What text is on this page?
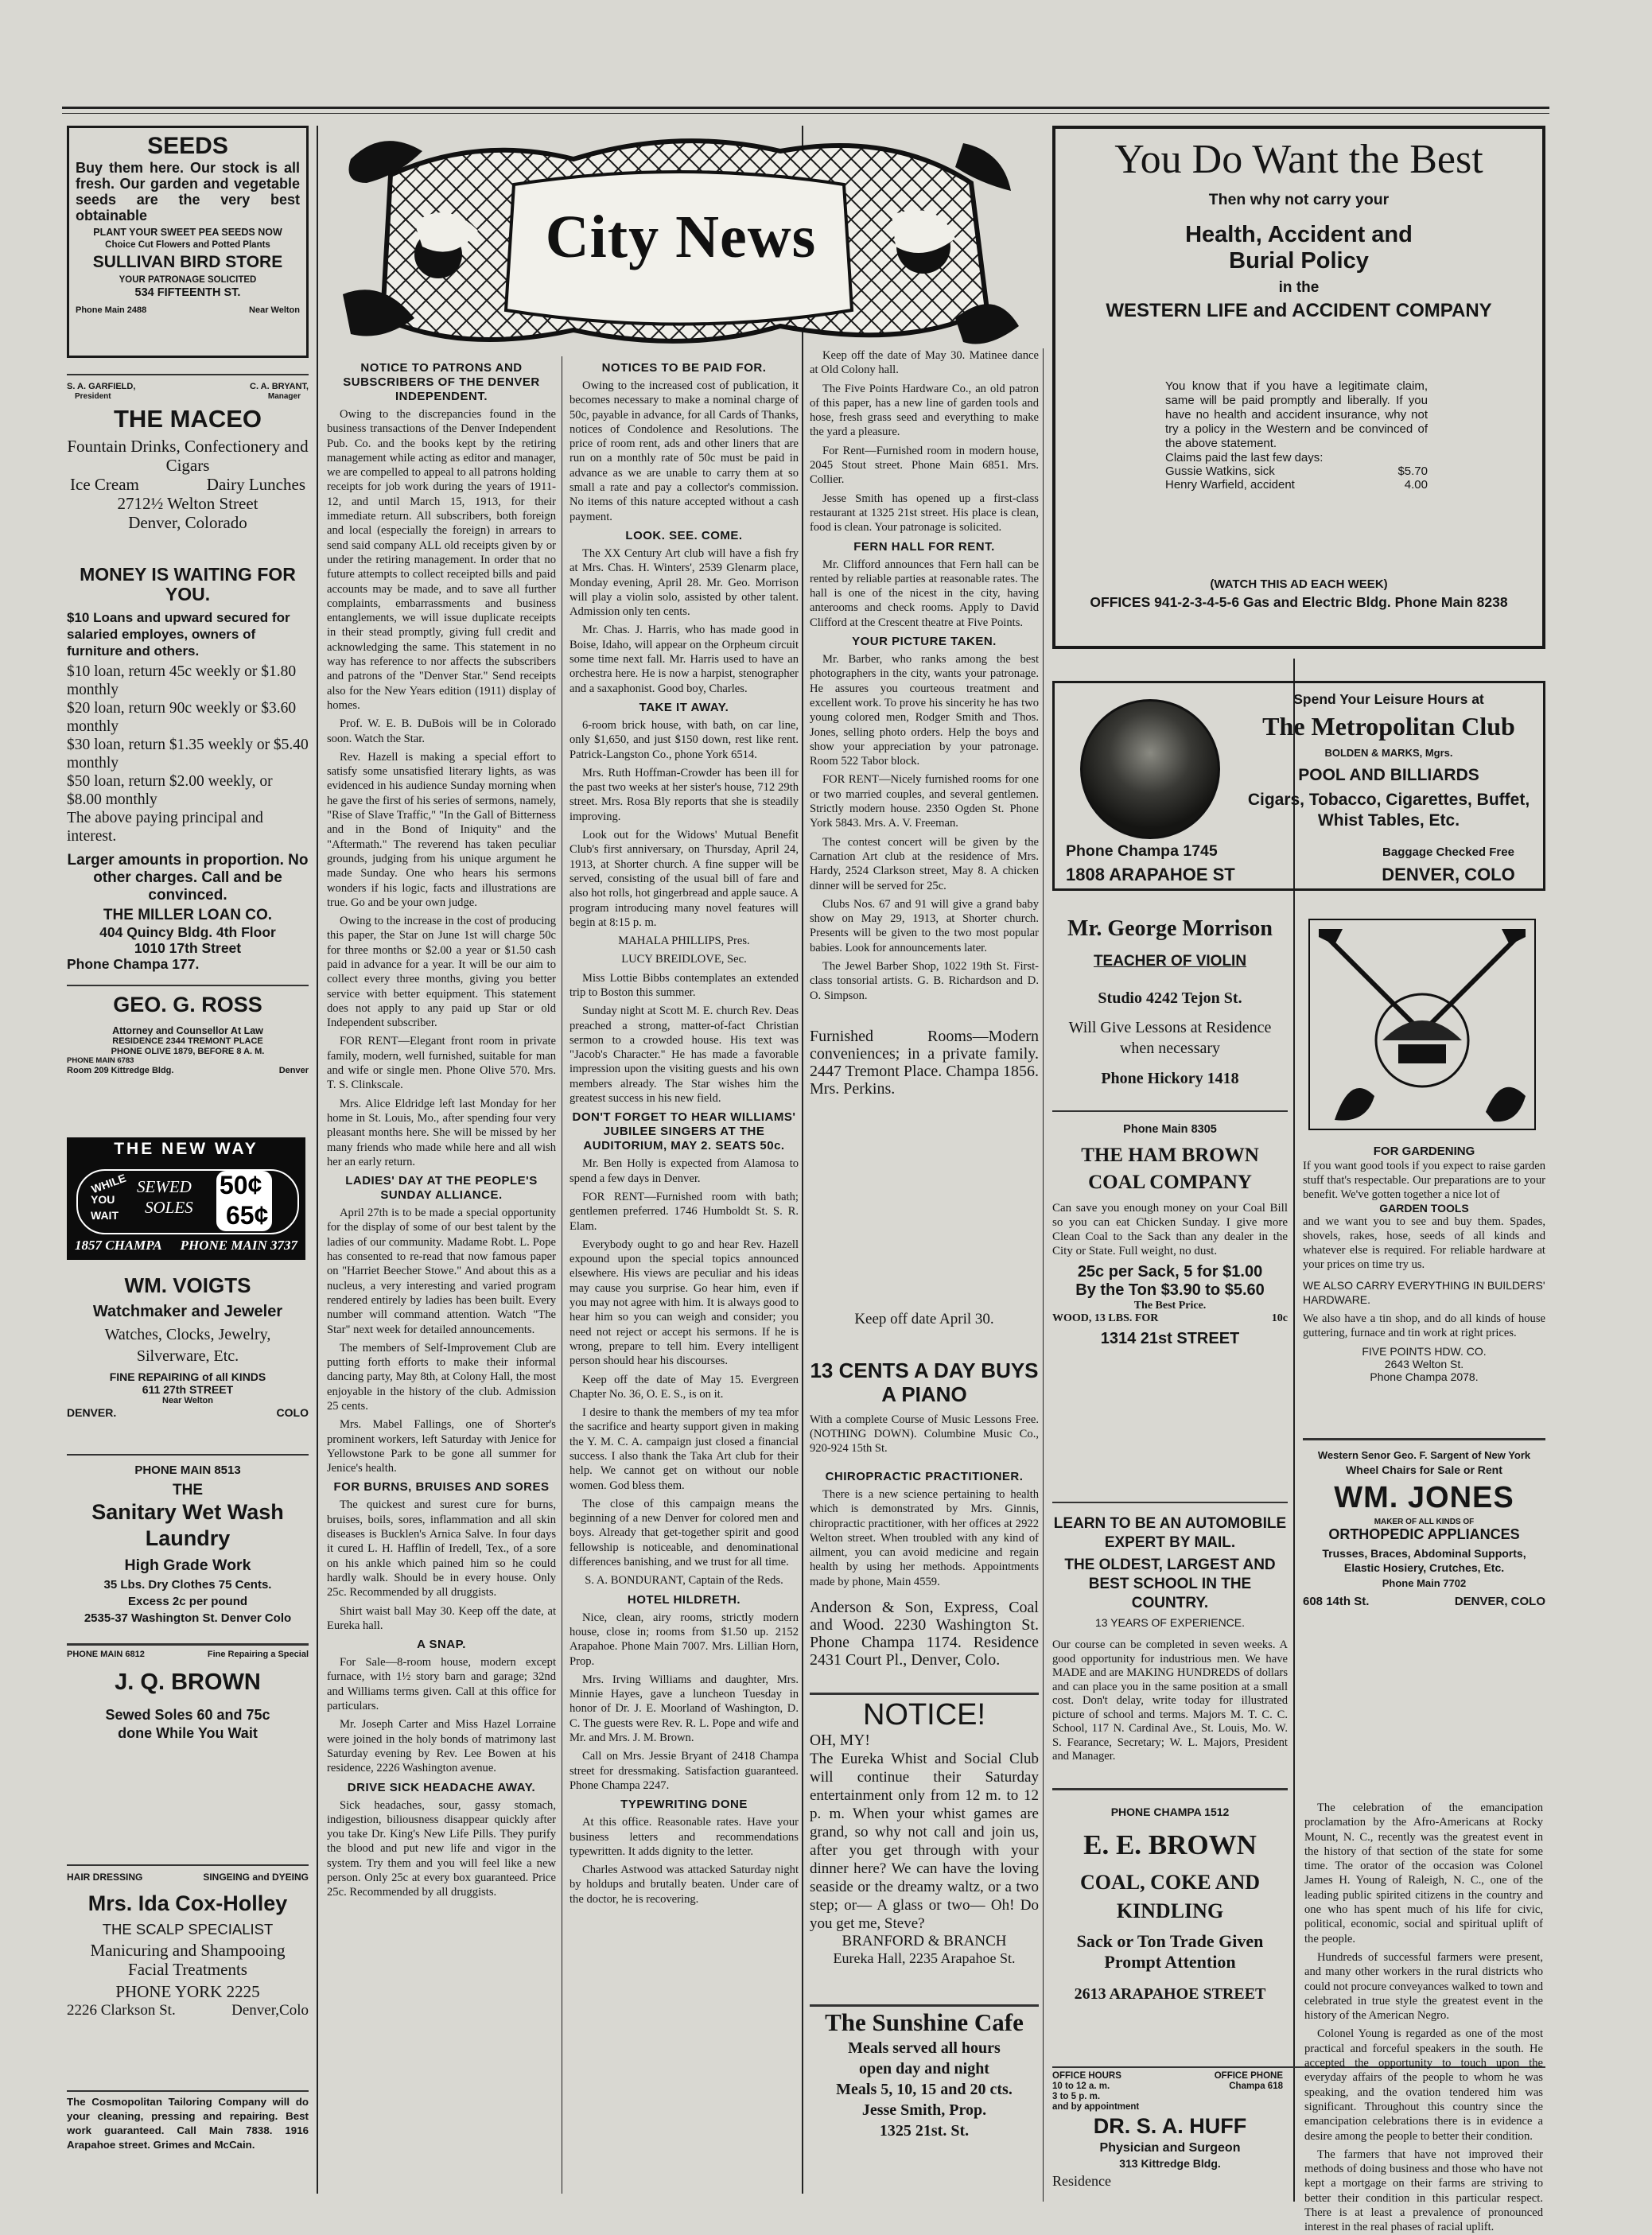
SEEDS
Buy them here. Our stock is all fresh. Our garden and vegetable seeds are the very best obtainable
PLANT YOUR SWEET PEA SEEDS NOW
Choice Cut Flowers and Potted Plants
SULLIVAN BIRD STORE
YOUR PATRONAGE SOLICITED
534 FIFTEENTH ST.
Phone Main 2488	Near Welton
S. A. GARFIELD,	C. A. BRYANT,
President	Manager
THE MACEO
Fountain Drinks, Confectionery and Cigars
Ice Cream	Dairy Lunches
2712½ Welton Street
Denver, Colorado
MONEY IS WAITING FOR YOU.
$10 Loans and upward secured for salaried employes, owners of furniture and others.
$10 loan, return 45c weekly or $1.80 monthly
$20 loan, return 90c weekly or $3.60 monthly
$30 loan, return $1.35 weekly or $5.40 monthly
$50 loan, return $2.00 weekly, or $8.00 monthly
The above paying principal and interest.
Larger amounts in proportion. No other charges. Call and be convinced.
THE MILLER LOAN CO.
404 Quincy Bldg. 4th Floor
1010 17th Street
Phone Champa 177.
GEO. G. ROSS
Attorney and Counsellor At Law
RESIDENCE 2344 TREMONT PLACE
PHONE OLIVE 1879, BEFORE 8 A. M.
PHONE MAIN 6783
Room 209 Kittredge Bldg.	Denver
THE NEW WAY
WHILE
YOU
WAIT
SEWED
SOLES
50¢
65¢
1857 CHAMPA PHONE MAIN 3737
WM. VOIGTS
Watchmaker and Jeweler
Watches, Clocks, Jewelry,
Silverware, Etc.
FINE REPAIRING of all KINDS
611 27th STREET
Near Welton
DENVER.	COLO
PHONE MAIN 8513
THE
Sanitary Wet Wash Laundry
High Grade Work
35 Lbs. Dry Clothes 75 Cents.
Excess 2c per pound
2535-37 Washington St. Denver Colo
PHONE MAIN 6812	Fine Repairing a Special
J. Q. BROWN
Sewed Soles 60 and 75c
done While You Wait
HAIR DRESSING	SINGEING and DYEING
Mrs. Ida Cox-Holley
THE SCALP SPECIALIST
Manicuring and Shampooing
Facial Treatments
PHONE YORK 2225
2226 Clarkson St.	Denver,Colo
The Cosmopolitan Tailoring Company will do your cleaning, pressing and repairing. Best work guaranteed. Call Main 7838. 1916 Arapahoe street. Grimes and McCain.
City News
NOTICE TO PATRONS AND SUBSCRIBERS OF THE DENVER INDEPENDENT.

Owing to the discrepancies found in the business transactions of the Denver Independent Pub. Co. and the books kept by the retiring management while acting as editor and manager, we are compelled to appeal to all patrons holding receipts for job work during the years of 1911-12, and until March 15, 1913, for their immediate return. All subscribers, both foreign and local (especially the foreign) in arrears to send said company ALL old receipts given by or under the retiring management. In order that no future attempts to collect receipted bills and paid accounts may be made, and to save all further complaints, embarrassments and business entanglements, we will issue duplicate receipts in their stead promptly, giving full credit and acknowledging the same. This statement in no way has reference to nor affects the subscribers and patrons of the "Denver Star." Send receipts also for the New Years edition (1911) display of homes.

Prof. W. E. B. DuBois will be in Colorado soon. Watch the Star.

Rev. Hazell is making a special effort to satisfy some unsatisfied literary lights, as was evidenced in his audience Sunday morning when he gave the first of his series of sermons, namely, "Rise of Slave Traffic," "In the Gall of Bitterness and in the Bond of Iniquity" and the "Aftermath." The reverend has taken peculiar grounds, judging from his unique argument he made Sunday. One who hears his sermons wonders if his logic, facts and illustrations are true. Go and be your own judge.

Owing to the increase in the cost of producing this paper, the Star on June 1st will charge 50c for three months or $2.00 a year or $1.50 cash paid in advance for a year. It will be our aim to collect every three months, giving you better service with better equipment. This statement does not apply to any paid up Star or old Independent subscriber.

FOR RENT—Elegant front room in private family, modern, well furnished, suitable for man and wife or single men. Phone Olive 570. Mrs. T. S. Clinkscale.

Mrs. Alice Eldridge left last Monday for her home in St. Louis, Mo., after spending four very pleasant months here. She will be missed by her many friends who made while here and all wish her an early return.

LADIES' DAY AT THE PEOPLE'S SUNDAY ALLIANCE.

April 27th is to be made a special opportunity for the display of some of our best talent by the ladies of our community. Madame Robt. L. Pope has consented to re-read that now famous paper on "Harriet Beecher Stowe." And about this as a nucleus, a very interesting and varied program rendered entirely by ladies has been built. Every number will command attention. Watch "The Star" next week for detailed announcements.

The members of Self-Improvement Club are putting forth efforts to make their informal dancing party, May 8th, at Colony Hall, the most enjoyable in the history of the club. Admission 25 cents.

Mrs. Mabel Fallings, one of Shorter's prominent workers, left Saturday with Jenice for Yellowstone Park to be gone all summer for Jenice's health.

FOR BURNS, BRUISES AND SORES

The quickest and surest cure for burns, bruises, boils, sores, inflammation and all skin diseases is Bucklen's Arnica Salve. In four days it cured L. H. Hafflin of Iredell, Tex., of a sore on his ankle which pained him so he could hardly walk. Should be in every house. Only 25c. Recommended by all druggists.

Shirt waist ball May 30. Keep off the date, at Eureka hall.

A SNAP.

For Sale—8-room house, modern except furnace, with 1½ story barn and garage; 32nd and Williams terms given. Call at this office for particulars.

Mr. Joseph Carter and Miss Hazel Lorraine were joined in the holy bonds of matrimony last Saturday evening by Rev. Lee Bowen at his residence, 2226 Washington avenue.

DRIVE SICK HEADACHE AWAY.

Sick headaches, sour, gassy stomach, indigestion, biliousness disappear quickly after you take Dr. King's New Life Pills. They purify the blood and put new life and vigor in the system. Try them and you will feel like a new person. Only 25c at every box guaranteed. Price 25c. Recommended by all druggists.

NOTICES TO BE PAID FOR.

Owing to the increased cost of publication, it becomes necessary to make a nominal charge of 50c, payable in advance, for all Cards of Thanks, notices of Condolence and Resolutions. The price of room rent, ads and other liners that are run on a monthly rate of 50c must be paid in advance as we are unable to carry them at so small a rate and pay a collector's commission. No items of this nature accepted without a cash payment.

LOOK. SEE. COME.

The XX Century Art club will have a fish fry at Mrs. Chas. H. Winters', 2539 Glenarm place, Monday evening, April 28. Mr. Geo. Morrison will play a violin solo, assisted by other talent. Admission only ten cents.

Mr. Chas. J. Harris, who has made good in Boise, Idaho, will appear on the Orpheum circuit some time next fall. Mr. Harris used to have an orchestra here. He is now a harpist, stenographer and a saxaphonist. Good boy, Charles.

TAKE IT AWAY.

6-room brick house, with bath, on car line, only $1,650, and just $150 down, rest like rent. Patrick-Langston Co., phone York 6514.

Mrs. Ruth Hoffman-Crowder has been ill for the past two weeks at her sister's house, 712 29th street. Mrs. Rosa Bly reports that she is steadily improving.

Look out for the Widows' Mutual Benefit Club's first anniversary, on Thursday, April 24, 1913, at Shorter church. A fine supper will be served, consisting of the usual bill of fare and also hot rolls, hot gingerbread and apple sauce. A program introducing many novel features will begin at 8:15 p. m.

MAHALA PHILLIPS, Pres.

LUCY BREIDLOVE, Sec.

Miss Lottie Bibbs contemplates an extended trip to Boston this summer.

Sunday night at Scott M. E. church Rev. Deas preached a strong, matter-of-fact Christian sermon to a crowded house. His text was "Jacob's Character." He has made a favorable impression upon the visiting guests and his own members already. The Star wishes him the greatest success in his new field.

DON'T FORGET TO HEAR WILLIAMS' JUBILEE SINGERS AT THE AUDITORIUM, MAY 2. SEATS 50c.

Mr. Ben Holly is expected from Alamosa to spend a few days in Denver.

FOR RENT—Furnished room with bath; gentlemen preferred. 1746 Humboldt St. S. R. Elam.

Everybody ought to go and hear Rev. Hazell expound upon the special topics announced elsewhere. His views are peculiar and his ideas may cause you surprise. Go hear him, even if you may not agree with him. It is always good to hear him so you can weigh and consider; you need not reject or accept his sermons. If he is wrong, prepare to tell him. Every intelligent person should hear his discourses.

Keep off the date of May 15. Evergreen Chapter No. 36, O. E. S., is on it.

I desire to thank the members of my tea mfor the sacrifice and hearty support given in making the Y. M. C. A. campaign just closed a financial success. I also thank the Taka Art club for their help. We cannot get on without our noble women. God bless them.

The close of this campaign means the beginning of a new Denver for colored men and boys. Already that get-together spirit and good fellowship is noticeable, and denominational differences banishing, and we trust for all time.

S. A. BONDURANT, Captain of the Reds.

HOTEL HILDRETH.

Nice, clean, airy rooms, strictly modern house, close in; rooms from $1.50 up. 2152 Arapahoe. Phone Main 7007. Mrs. Lillian Horn, Prop.

Mrs. Irving Williams and daughter, Mrs. Minnie Hayes, gave a luncheon Tuesday in honor of Dr. J. E. Moorland of Washington, D. C. The guests were Rev. R. L. Pope and wife and Mr. and Mrs. J. M. Brown.

Call on Mrs. Jessie Bryant of 2418 Champa street for dressmaking. Satisfaction guaranteed. Phone Champa 2247.

TYPEWRITING DONE

At this office. Reasonable rates. Have your business letters and recommendations typewritten. It adds dignity to the letter.

Charles Astwood was attacked Saturday night by holdups and brutally beaten. Under care of the doctor, he is recovering.

Keep off the date of May 30. Matinee dance at Old Colony hall.

The Five Points Hardware Co., an old patron of this paper, has a new line of garden tools and hose, fresh grass seed and everything to make the yard a pleasure.

For Rent—Furnished room in modern house, 2045 Stout street. Phone Main 6851. Mrs. Collier.

Jesse Smith has opened up a first-class restaurant at 1325 21st street. His place is clean, food is clean. Your patronage is solicited.

FERN HALL FOR RENT.

Mr. Clifford announces that Fern hall can be rented by reliable parties at reasonable rates. The hall is one of the nicest in the city, having anterooms and check rooms. Apply to David Clifford at the Crescent theatre at Five Points.

YOUR PICTURE TAKEN.

Mr. Barber, who ranks among the best photographers in the city, wants your patronage. He assures you courteous treatment and excellent work. To prove his sincerity he has two young colored men, Rodger Smith and Thos. Jones, selling photo orders. Help the boys and show your appreciation by your patronage. Room 522 Tabor block.

FOR RENT—Nicely furnished rooms for one or two married couples, and several gentlemen. Strictly modern house. 2350 Ogden St. Phone York 5843. Mrs. A. V. Freeman.

The contest concert will be given by the Carnation Art club at the residence of Mrs. Hardy, 2524 Clarkson street, May 8. A chicken dinner will be served for 25c.

Clubs Nos. 67 and 91 will give a grand baby show on May 29, 1913, at Shorter church. Presents will be given to the two most popular babies. Look for announcements later.

The Jewel Barber Shop, 1022 19th St. First-class tonsorial artists. G. B. Richardson and D. O. Simpson.

Furnished Rooms—Modern conveniences; in a private family. 2447 Tremont Place. Champa 1856. Mrs. Perkins.
Keep off date April 30.
13 CENTS A DAY BUYS A PIANO
With a complete Course of Music Lessons Free. (NOTHING DOWN). Columbine Music Co., 920-924 15th St.
CHIROPRACTIC PRACTITIONER.

There is a new science pertaining to health which is demonstrated by Mrs. Ginnis, chiropractic practitioner, with her offices at 2922 Welton street. When troubled with any kind of ailment, you can avoid medicine and regain health by using her methods. Appointments made by phone, Main 4559.

Anderson & Son, Express, Coal and Wood. 2230 Washington St. Phone Champa 1174. Residence 2431 Court Pl., Denver, Colo.
NOTICE!
OH, MY!
The Eureka Whist and Social Club will continue their Saturday entertainment only from 12 m. to 12 p. m. When your whist games are grand, so why not call and join us, after you get through with your dinner here? We can have the loving seaside or the dreamy waltz, or a two step; or— A glass or two— Oh! Do you get me, Steve?
BRANFORD & BRANCH
Eureka Hall, 2235 Arapahoe St.
The Sunshine Cafe
Meals served all hours
open day and night
Meals 5, 10, 15 and 20 cts.
Jesse Smith, Prop.
1325 21st. St.
You Do Want the Best
Then why not carry your
Health, Accident and
Burial Policy
in the
WESTERN LIFE and ACCIDENT COMPANY
You know that if you have a legitimate claim, same will be paid promptly and liberally. If you have no health and accident insurance, why not try a policy in the Western and be convinced of the above statement.
Claims paid the last few days:
Gussie Watkins, sick	$5.70
Henry Warfield, accident	4.00
(WATCH THIS AD EACH WEEK)
OFFICES 941-2-3-4-5-6 Gas and Electric Bldg. Phone Main 8238
Spend Your Leisure Hours at
The Metropolitan Club
BOLDEN & MARKS, Mgrs.
POOL AND BILLIARDS
Cigars, Tobacco, Cigarettes, Buffet, Whist Tables, Etc.
Phone Champa 1745	Baggage Checked Free
1808 ARAPAHOE ST	DENVER, COLO
Mr. George Morrison
TEACHER OF VIOLIN
Studio 4242 Tejon St.
Will Give Lessons at Residence when necessary
Phone Hickory 1418
Phone Main 8305
THE HAM BROWN
COAL COMPANY
Can save you enough money on your Coal Bill so you can eat Chicken Sunday. I give more Clean Coal to the Sack than any dealer in the City or State. Full weight, no dust.
25c per Sack, 5 for $1.00
By the Ton $3.90 to $5.60
The Best Price.
WOOD, 13 LBS. FOR	10c
1314 21st STREET
LEARN TO BE AN AUTOMOBILE EXPERT BY MAIL.
THE OLDEST, LARGEST AND BEST SCHOOL IN THE COUNTRY.
13 YEARS OF EXPERIENCE.
Our course can be completed in seven weeks. A good opportunity for industrious men. We have MADE and are MAKING HUNDREDS of dollars and can place you in the same position at a small cost. Don't delay, write today for illustrated picture of school and terms. Majors M. T. C. C. School, 117 N. Cardinal Ave., St. Louis, Mo. W. S. Fearance, Secretary; W. L. Majors, President and Manager.
PHONE CHAMPA 1512
E. E. BROWN
COAL, COKE AND
KINDLING
Sack or Ton Trade Given Prompt Attention
2613 ARAPAHOE STREET
OFFICE HOURS
10 to 12 a. m.
3 to 5 p. m.
and by appointment
OFFICE PHONE
Champa 618
DR. S. A. HUFF
Physician and Surgeon
313 Kittredge Bldg.
Residence
FOR GARDENING
If you want good tools if you expect to raise garden stuff that's respectable. Our preparations are to your benefit. We've gotten together a nice lot of
GARDEN TOOLS
and we want you to see and buy them. Spades, shovels, rakes, hose, seeds of all kinds and whatever else is required. For reliable hardware at your prices on time try us.
WE ALSO CARRY EVERYTHING IN BUILDERS' HARDWARE.
We also have a tin shop, and do all kinds of house guttering, furnace and tin work at right prices.
FIVE POINTS HDW. CO.
2643 Welton St.
Phone Champa 2078.
Western Senor Geo. F. Sargent of New York
Wheel Chairs for Sale or Rent
WM. JONES
MAKER OF ALL KINDS OF
ORTHOPEDIC APPLIANCES
Trusses, Braces, Abdominal Supports, Elastic Hosiery, Crutches, Etc.
Phone Main 7702
608 14th St.	DENVER, COLO

The celebration of the emancipation proclamation by the Afro-Americans at Rocky Mount, N. C., recently was the greatest event in the history of that section of the state for some time. The orator of the occasion was Colonel James H. Young of Raleigh, N. C., one of the leading public spirited citizens in the country and one who has spent much of his life for civic, political, economic, social and spiritual uplift of the people.

Hundreds of successful farmers were present, and many other workers in the rural districts who could not procure conveyances walked to town and celebrated in true style the greatest event in the history of the American Negro.

Colonel Young is regarded as one of the most practical and forceful speakers in the south. He accepted the opportunity to touch upon the everyday affairs of the people to whom he was speaking, and the ovation tendered him was significant. Throughout this country since the emancipation celebrations there is in evidence a desire among the people to better their condition.

The farmers that have not improved their methods of doing business and those who have not kept a mortgage on their farms are striving to better their condition in this particular respect. There is at least a prevalence of pronounced interest in the real phases of racial uplift.
